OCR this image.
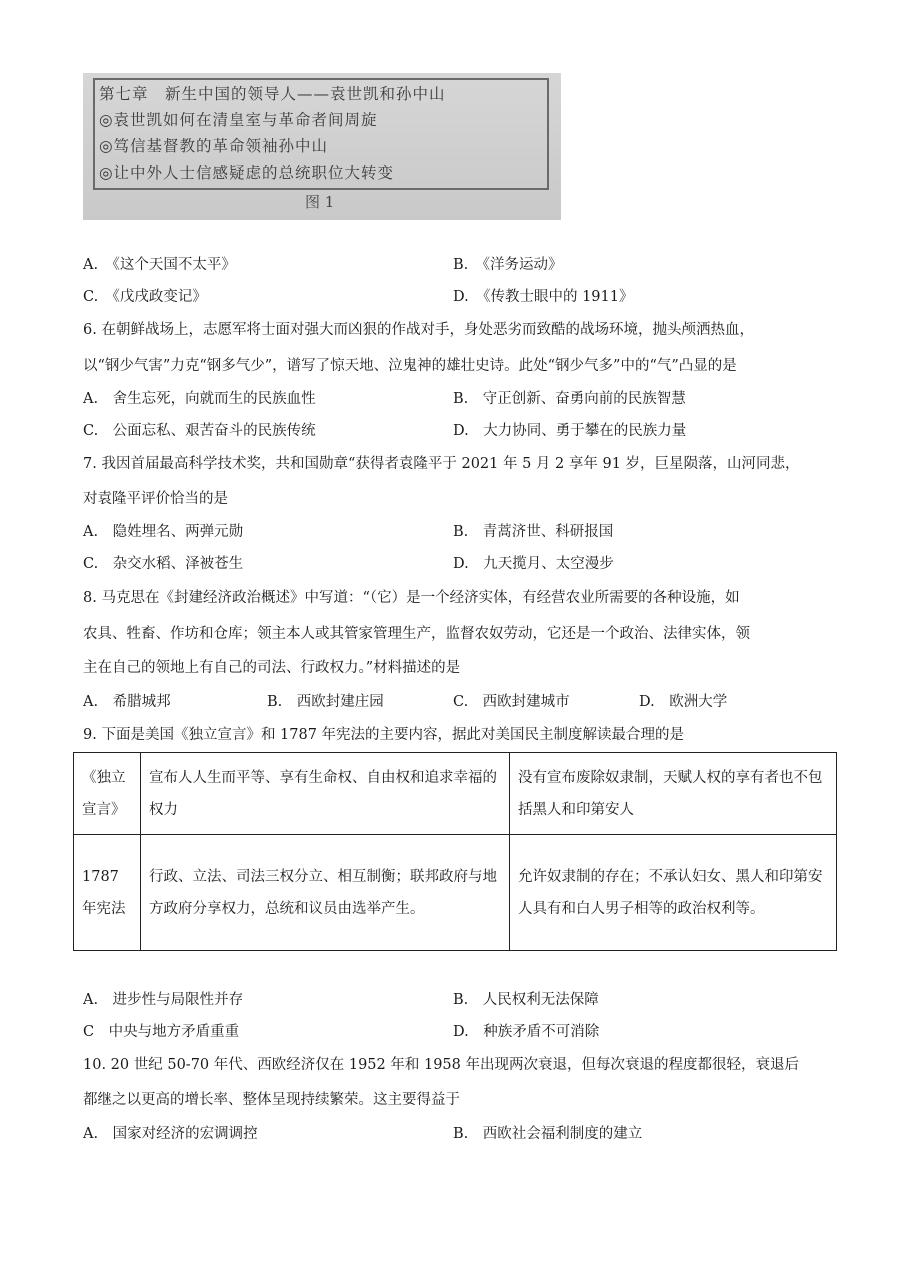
第七章　新生中国的领导人——袁世凯和孙中山
◎袁世凯如何在清皇室与革命者间周旋
◎笃信基督教的革命领袖孙中山
◎让中外人士信感疑虑的总统职位大转变
图 1
A.　《这个天国不太平》	B.　《洋务运动》
C.　《戊戌政变记》	D.　《传教士眼中的 1911》
6. 在朝鲜战场上，志愿军将士面对强大而凶狠的作战对手，身处恶劣而致酷的战场环境，抛头颅洒热血，
以“钢少气害”力克“钢多气少”，谱写了惊天地、泣鬼神的雄壮史诗。此处“钢少气多”中的“气”凸显的是
A.　舍生忘死，向就而生的民族血性	B.　守正创新、奋勇向前的民族智慧
C.　公面忘私、艰苦奋斗的民族传统	D.　大力协同、勇于攀在的民族力量
7. 我因首届最高科学技术奖，共和国勋章“获得者袁隆平于 2021 年 5 月 2 享年 91 岁，巨星陨落，山河同悲，
对袁隆平评价恰当的是
A.　隐姓埋名、两弹元勋	B.　青蒿济世、科研报国
C.　杂交水稻、泽被苍生	D.　九天揽月、太空漫步
8. 马克思在《封建经济政治概述》中写道：“（它）是一个经济实体，有经营农业所需要的各种设施，如
农具、牲畜、作坊和仓库；领主本人或其管家管理生产，监督农奴劳动，它还是一个政治、法律实体，领
主在自己的领地上有自己的司法、行政权力。”材料描述的是
A.　希腊城邦	B.　西欧封建庄园	C.　西欧封建城市	D.　欧洲大学
9. 下面是美国《独立宣言》和 1787 年宪法的主要内容，据此对美国民主制度解读最合理的是
《独立宣言》	宣布人人生而平等、享有生命权、自由权和追求幸福的权力	没有宣布废除奴隶制，天赋人权的享有者也不包括黑人和印第安人
1787 年宪法	行政、立法、司法三权分立、相互制衡；联邦政府与地方政府分享权力，总统和议员由选举产生。	允许奴隶制的存在；不承认妇女、黑人和印第安人具有和白人男子相等的政治权利等。
A.　进步性与局限性并存	B.　人民权利无法保障
C　中央与地方矛盾重重	D.　种族矛盾不可消除
10. 20 世纪 50-70 年代、西欧经济仅在 1952 年和 1958 年出现两次衰退，但每次衰退的程度都很轻，衰退后
都继之以更高的增长率、整体呈现持续繁荣。这主要得益于
A.　国家对经济的宏调调控	B.　西欧社会福利制度的建立
